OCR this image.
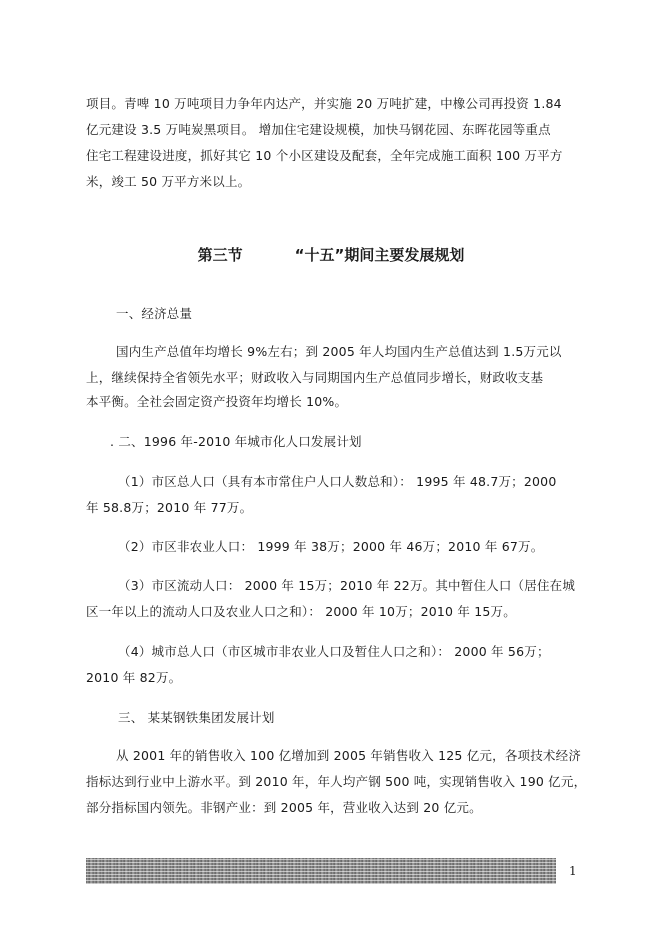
项目。青啤 10 万吨项目力争年内达产，并实施 20 万吨扩建，中橡公司再投资 1.84
亿元建设 3.5 万吨炭黑项目。 增加住宅建设规模，加快马钢花园、东晖花园等重点
住宅工程建设进度，抓好其它 10 个小区建设及配套，全年完成施工面积 100 万平方
米，竣工 50 万平方米以上。
第三节	“十五”期间主要发展规划
一、经济总量
国内生产总值年均增长 9%左右；到 2005 年人均国内生产总值达到 1.5万元以
上，继续保持全省领先水平；财政收入与同期国内生产总值同步增长，财政收支基
本平衡。全社会固定资产投资年均增长 10%。
. 二、1996 年-2010 年城市化人口发展计划
（1）市区总人口（具有本市常住户人口人数总和）： 1995 年 48.7万；2000
年 58.8万；2010 年 77万。
（2）市区非农业人口： 1999 年 38万；2000 年 46万；2010 年 67万。
（3）市区流动人口： 2000 年 15万；2010 年 22万。其中暂住人口（居住在城
区一年以上的流动人口及农业人口之和）： 2000 年 10万；2010 年 15万。
（4）城市总人口（市区城市非农业人口及暂住人口之和）： 2000 年 56万；
2010 年 82万。
三、 某某钢铁集团发展计划
从 2001 年的销售收入 100 亿增加到 2005 年销售收入 125 亿元，各项技术经济
指标达到行业中上游水平。到 2010 年，年人均产钢 500 吨，实现销售收入 190 亿元，
部分指标国内领先。非钢产业：到 2005 年，营业收入达到 20 亿元。
1
